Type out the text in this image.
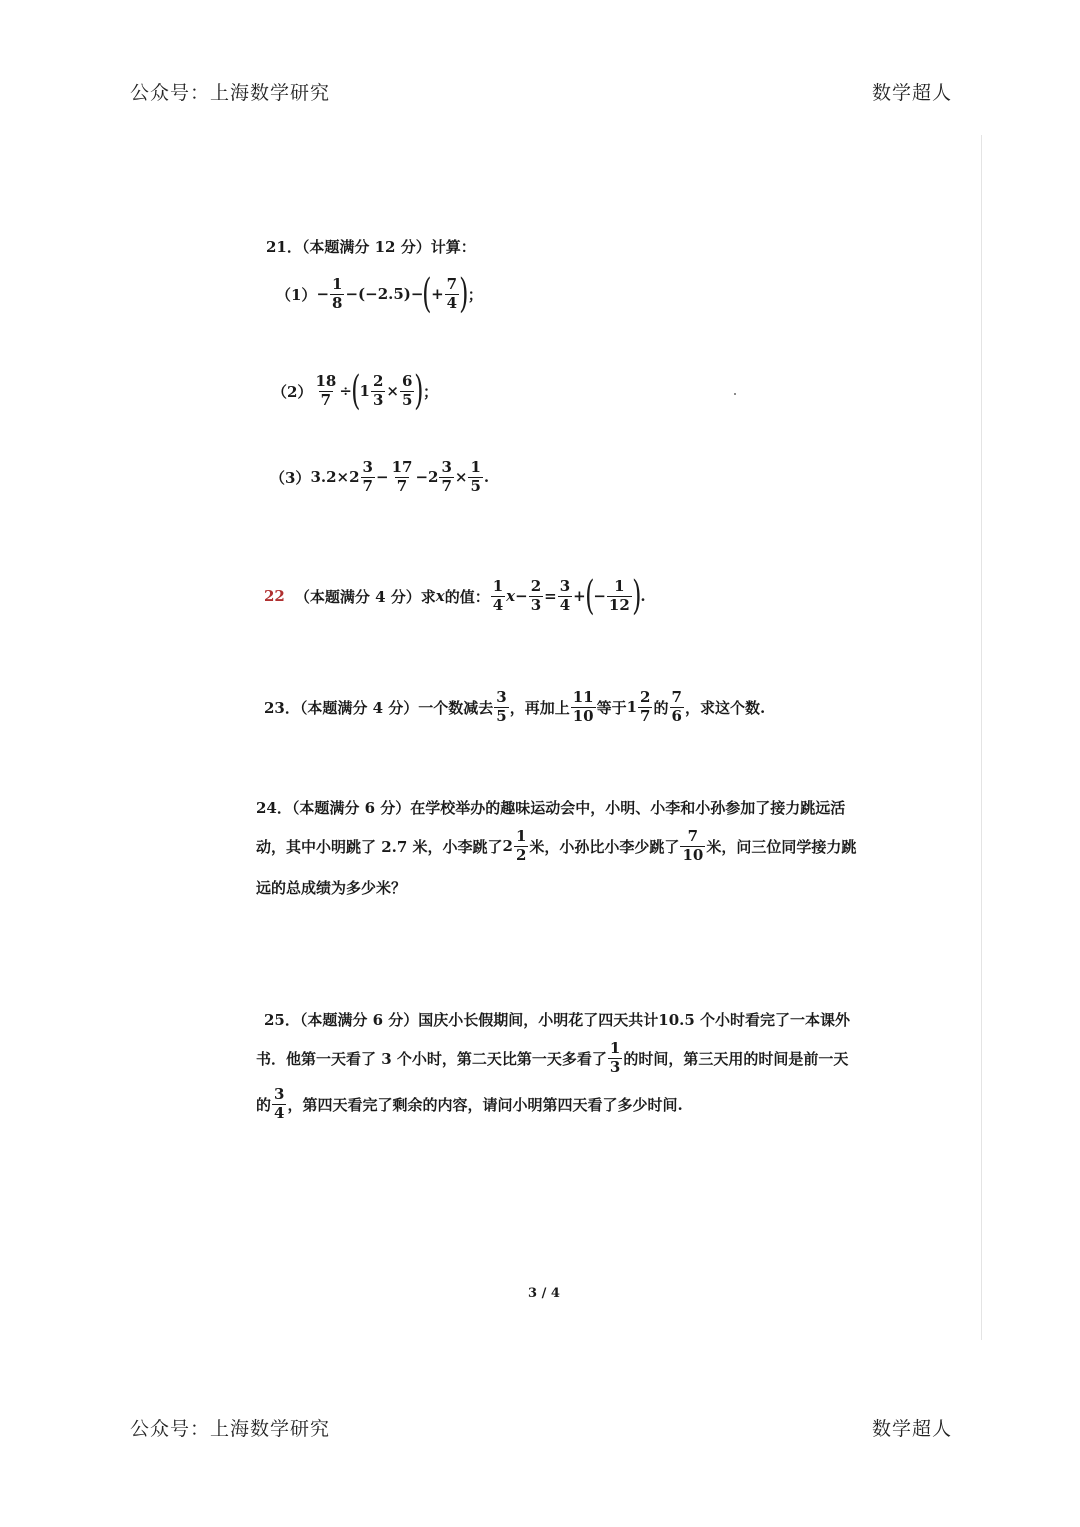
公众号：上海数学研究	数学超人
21．（本题满分 12 分）计算：
$(1) - \frac{1}{8} - (-2.5)$ − ( + $\frac{7}{4}$ ) ；
$(2) \frac{18}{7}$ ÷ ( $1 \frac{2}{3} \times \frac{6}{5}$ ) ；
（3） $3.2\times 2 \frac{3}{7} - \frac{17}{7} -2 \frac{3}{7} \times \frac{1}{5}$ .
22 （本题满分 4 分）求 x 的值： $\frac{1}{4}$ $x - \frac{2}{3} = \frac{3}{4}$ + ( − $\frac{1}{12}$ ) .
23．（本题满分 4 分）一个数减去 $\frac{3}{5}$ ，再加上 $\frac{11}{10}$ 等于 $1 \frac{2}{7}$ 的 $\frac{7}{6}$ ，求这个数.
24．（本题满分 6 分）在学校举办的趣味运动会中，小明、小李和小孙参加了接力跳远活
动，其中小明跳了 2.7 米，小李跳了 $2 \frac{1}{2}$ 米，小孙比小李少跳了 $\frac{7}{10}$ 米，问三位同学接力跳
远的总成绩为多少米？
25．（本题满分 6 分）国庆小长假期间，小明花了四天共计10.5 个小时看完了一本课外
书．他第一天看了 3 个小时，第二天比第一天多看了 $\frac{1}{3}$ 的时间，第三天用的时间是前一天
的 $\frac{3}{4}$ ，第四天看完了剩余的内容，请问小明第四天看了多少时间.
3 / 4
公众号：上海数学研究	数学超人
